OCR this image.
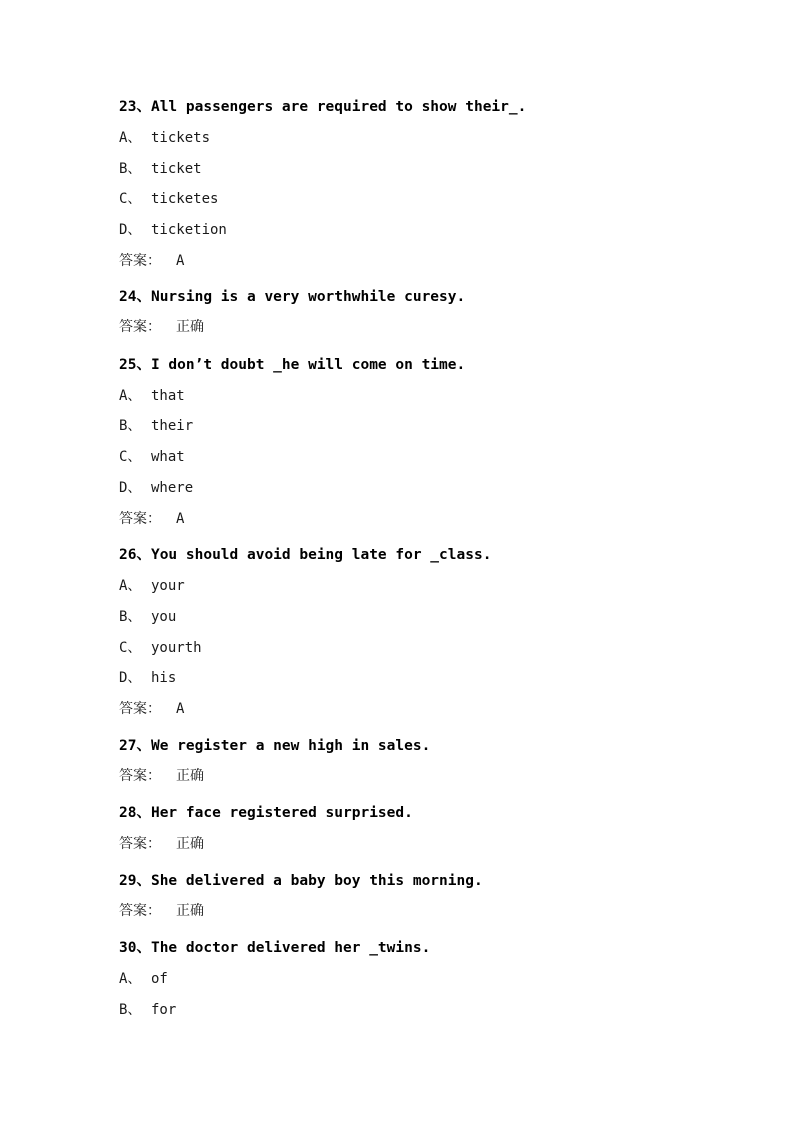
23、All passengers are required to show their_.
A、 tickets
B、 ticket
C、 ticketes
D、 ticketion
答案： A
24、Nursing is a very worthwhile curesy.
答案： 正确
25、I don’t doubt _he will come on time.
A、 that
B、 their
C、 what
D、 where
答案： A
26、You should avoid being late for _class.
A、 your
B、 you
C、 yourth
D、 his
答案： A
27、We register a new high in sales.
答案： 正确
28、Her face registered surprised.
答案： 正确
29、She delivered a baby boy this morning.
答案： 正确
30、The doctor delivered her _twins.
A、 of
B、 for
